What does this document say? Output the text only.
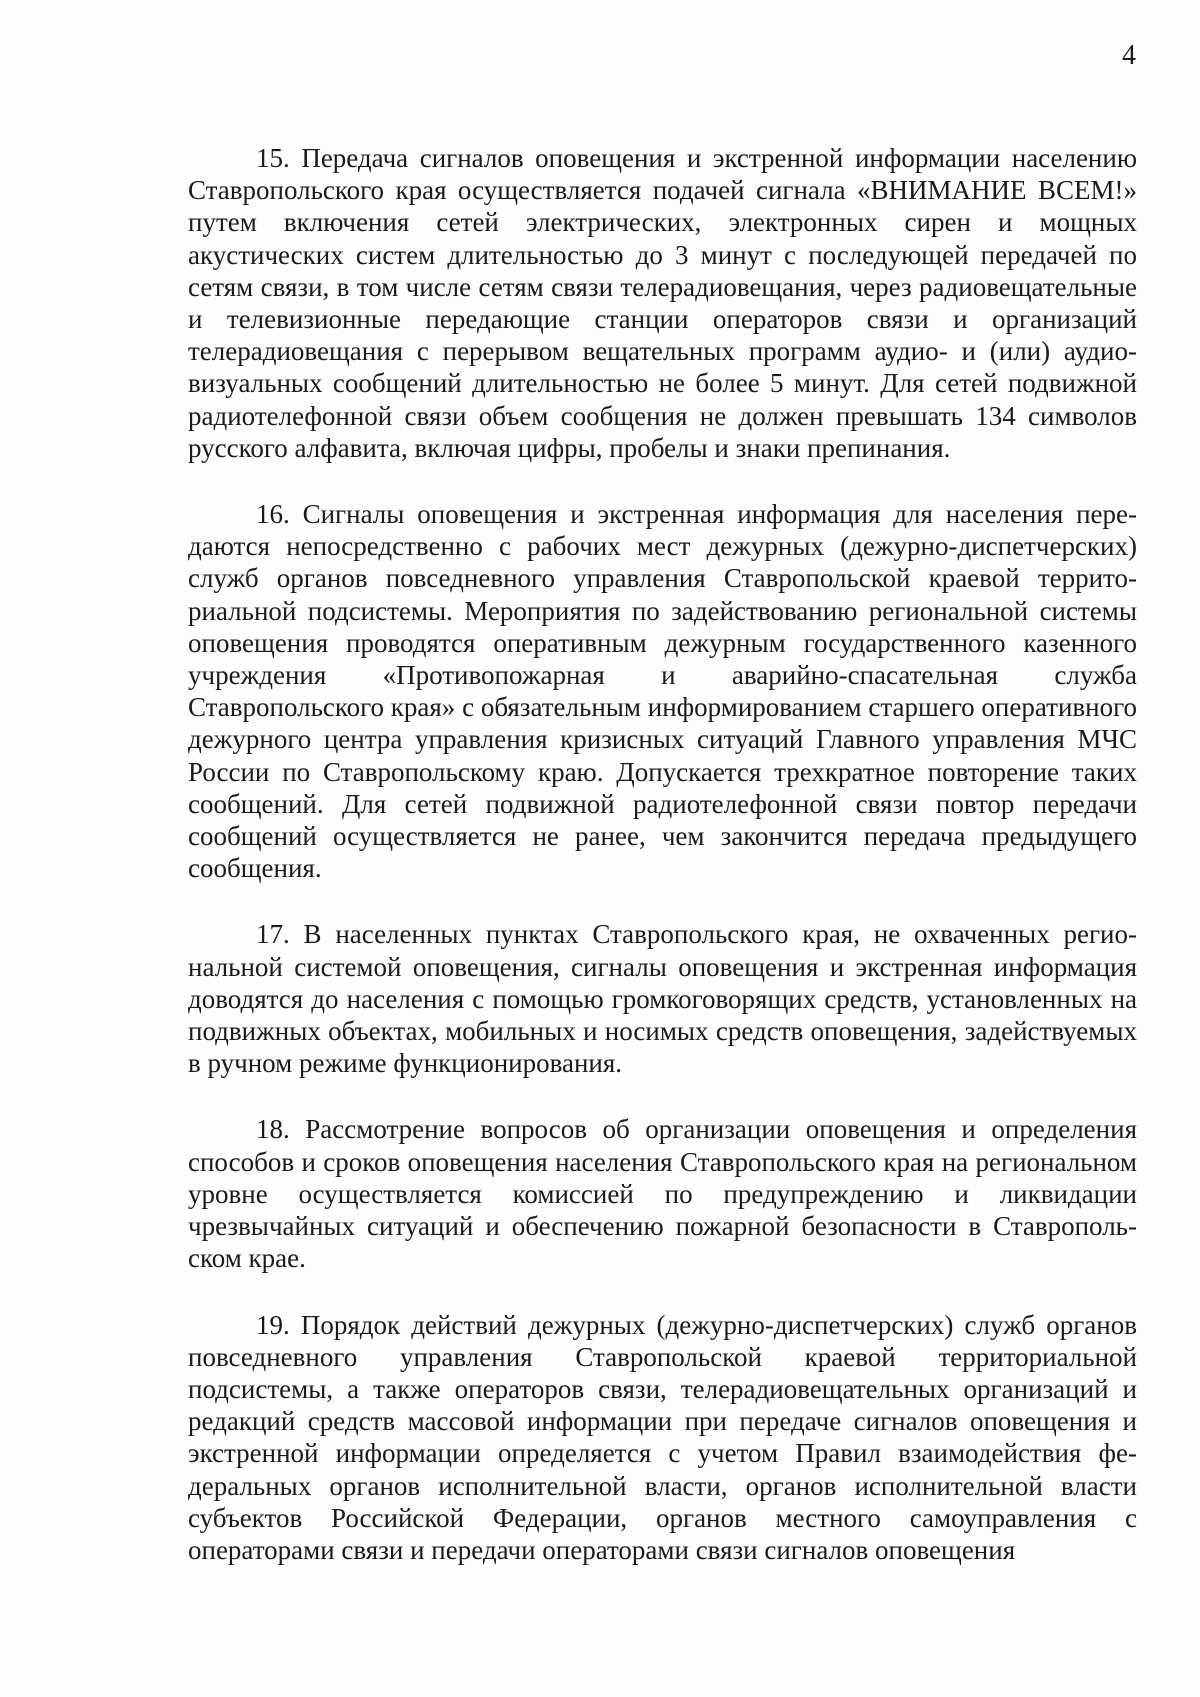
4

15. Передача сигналов оповещения и экстренной информации населению Ставропольского края осуществляется подачей сигнала «ВНИМАНИЕ ВСЕМ!» путем включения сетей электрических, электронных сирен и мощных акустических систем длительностью до 3 минут с последующей передачей по сетям связи, в том числе сетям связи телерадиовещания, через радиовещательные и телевизионные передающие станции операторов связи и организаций телерадиовещания с перерывом вещательных программ аудио- и (или) аудиовизуальных сообщений длительностью не более 5 минут. Для сетей подвижной радиотелефонной связи объем сообщения не должен превышать 134 символов русского алфавита, включая цифры, пробелы и знаки препинания.

16. Сигналы оповещения и экстренная информация для населения передаются непосредственно с рабочих мест дежурных (дежурно-диспетчерских) служб органов повседневного управления Ставропольской краевой территориальной подсистемы. Мероприятия по задействованию региональной системы оповещения проводятся оперативным дежурным государственного казенного учреждения «Противопожарная и аварийно-спасательная служба Ставропольского края» с обязательным информированием старшего оперативного дежурного центра управления кризисных ситуаций Главного управления МЧС России по Ставропольскому краю. Допускается трехкратное повторение таких сообщений. Для сетей подвижной радиотелефонной связи повтор передачи сообщений осуществляется не ранее, чем закончится передача предыдущего сообщения.

17. В населенных пунктах Ставропольского края, не охваченных региональной системой оповещения, сигналы оповещения и экстренная информация доводятся до населения с помощью громкоговорящих средств, установленных на подвижных объектах, мобильных и носимых средств оповещения, задействуемых в ручном режиме функционирования.

18. Рассмотрение вопросов об организации оповещения и определения способов и сроков оповещения населения Ставропольского края на региональном уровне осуществляется комиссией по предупреждению и ликвидации чрезвычайных ситуаций и обеспечению пожарной безопасности в Ставропольском крае.

19. Порядок действий дежурных (дежурно-диспетчерских) служб органов повседневного управления Ставропольской краевой территориальной подсистемы, а также операторов связи, телерадиовещательных организаций и редакций средств массовой информации при передаче сигналов оповещения и экстренной информации определяется с учетом Правил взаимодействия федеральных органов исполнительной власти, органов исполнительной власти субъектов Российской Федерации, органов местного самоуправления с операторами связи и передачи операторами связи сигналов оповещения
